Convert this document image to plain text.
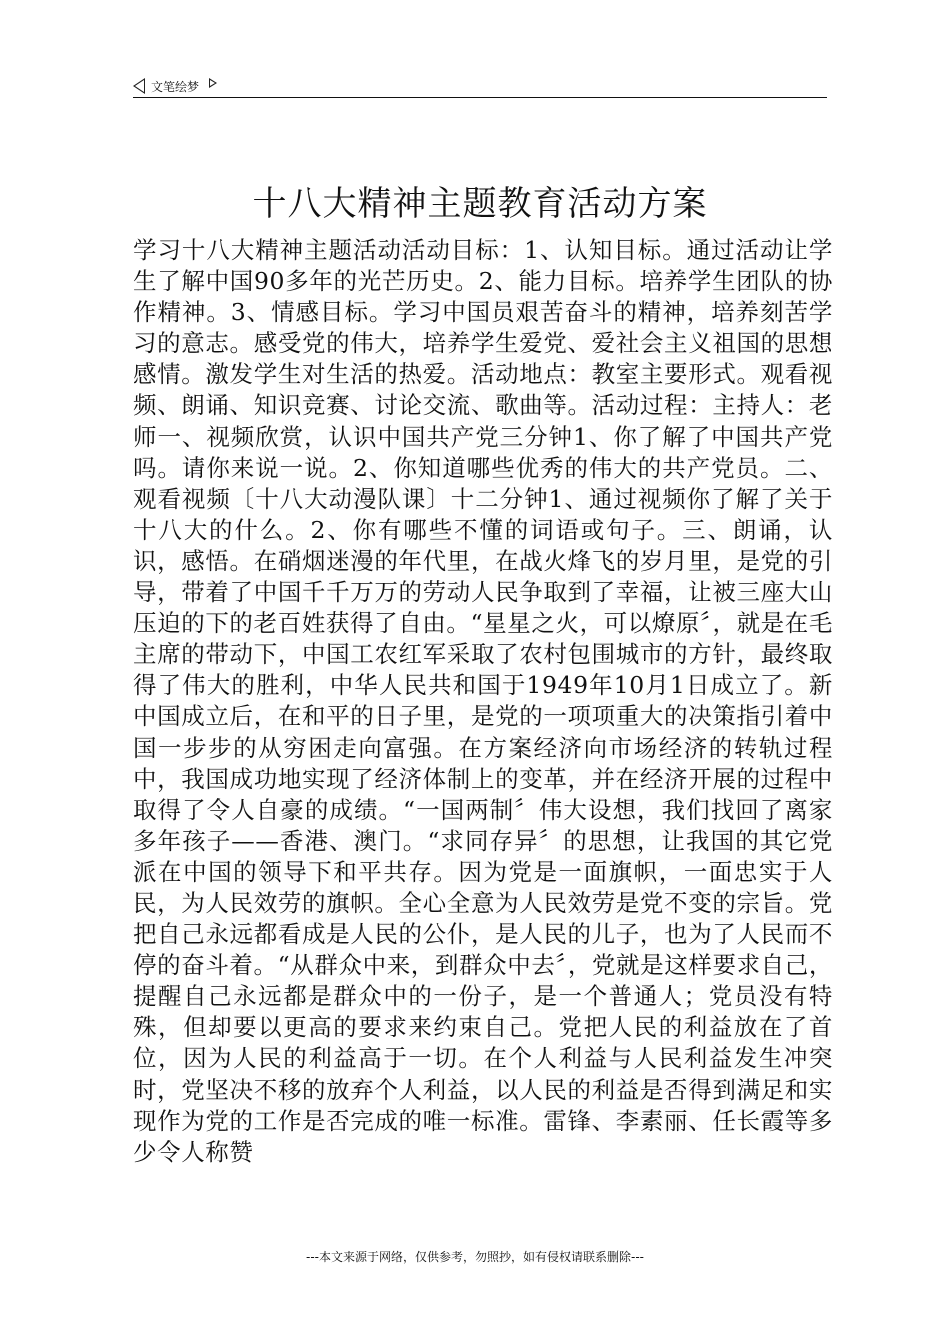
文笔绘梦
十八大精神主题教育活动方案

学习十八大精神主题活动活动目标：1、认知目标。通过活动让学生了解中国90多年的光芒历史。2、能力目标。培养学生团队的协作精神。3、情感目标。学习中国员艰苦奋斗的精神，培养刻苦学习的意志。感受党的伟大，培养学生爱党、爱社会主义祖国的思想感情。激发学生对生活的热爱。活动地点：教室主要形式。观看视频、朗诵、知识竞赛、讨论交流、歌曲等。活动过程：主持人：老师一、视频欣赏，认识中国共产党三分钟1、你了解了中国共产党吗。请你来说一说。2、你知道哪些优秀的伟大的共产党员。二、观看视频〔十八大动漫队课〕十二分钟1、通过视频你了解了关于十八大的什么。2、你有哪些不懂的词语或句子。三、朗诵，认识，感悟。在硝烟迷漫的年代里，在战火烽飞的岁月里，是党的引导，带着了中国千千万万的劳动人民争取到了幸福，让被三座大山压迫的下的老百姓获得了自由。“星星之火，可以燎原〞，就是在毛主席的带动下，中国工农红军采取了农村包围城市的方针，最终取得了伟大的胜利，中华人民共和国于1949年10月1日成立了。新中国成立后，在和平的日子里，是党的一项项重大的决策指引着中国一步步的从穷困走向富强。在方案经济向市场经济的转轨过程中，我国成功地实现了经济体制上的变革，并在经济开展的过程中取得了令人自豪的成绩。“一国两制〞伟大设想，我们找回了离家多年孩子——香港、澳门。“求同存异〞的思想，让我国的其它党派在中国的领导下和平共存。因为党是一面旗帜，一面忠实于人民，为人民效劳的旗帜。全心全意为人民效劳是党不变的宗旨。党把自己永远都看成是人民的公仆，是人民的儿子，也为了人民而不停的奋斗着。“从群众中来，到群众中去〞，党就是这样要求自己，提醒自己永远都是群众中的一份子，是一个普通人；党员没有特殊，但却要以更高的要求来约束自己。党把人民的利益放在了首位，因为人民的利益高于一切。在个人利益与人民利益发生冲突时，党坚决不移的放弃个人利益，以人民的利益是否得到满足和实现作为党的工作是否完成的唯一标准。雷锋、李素丽、任长霞等多少令人称赞

---本文来源于网络，仅供参考，勿照抄，如有侵权请联系删除---
